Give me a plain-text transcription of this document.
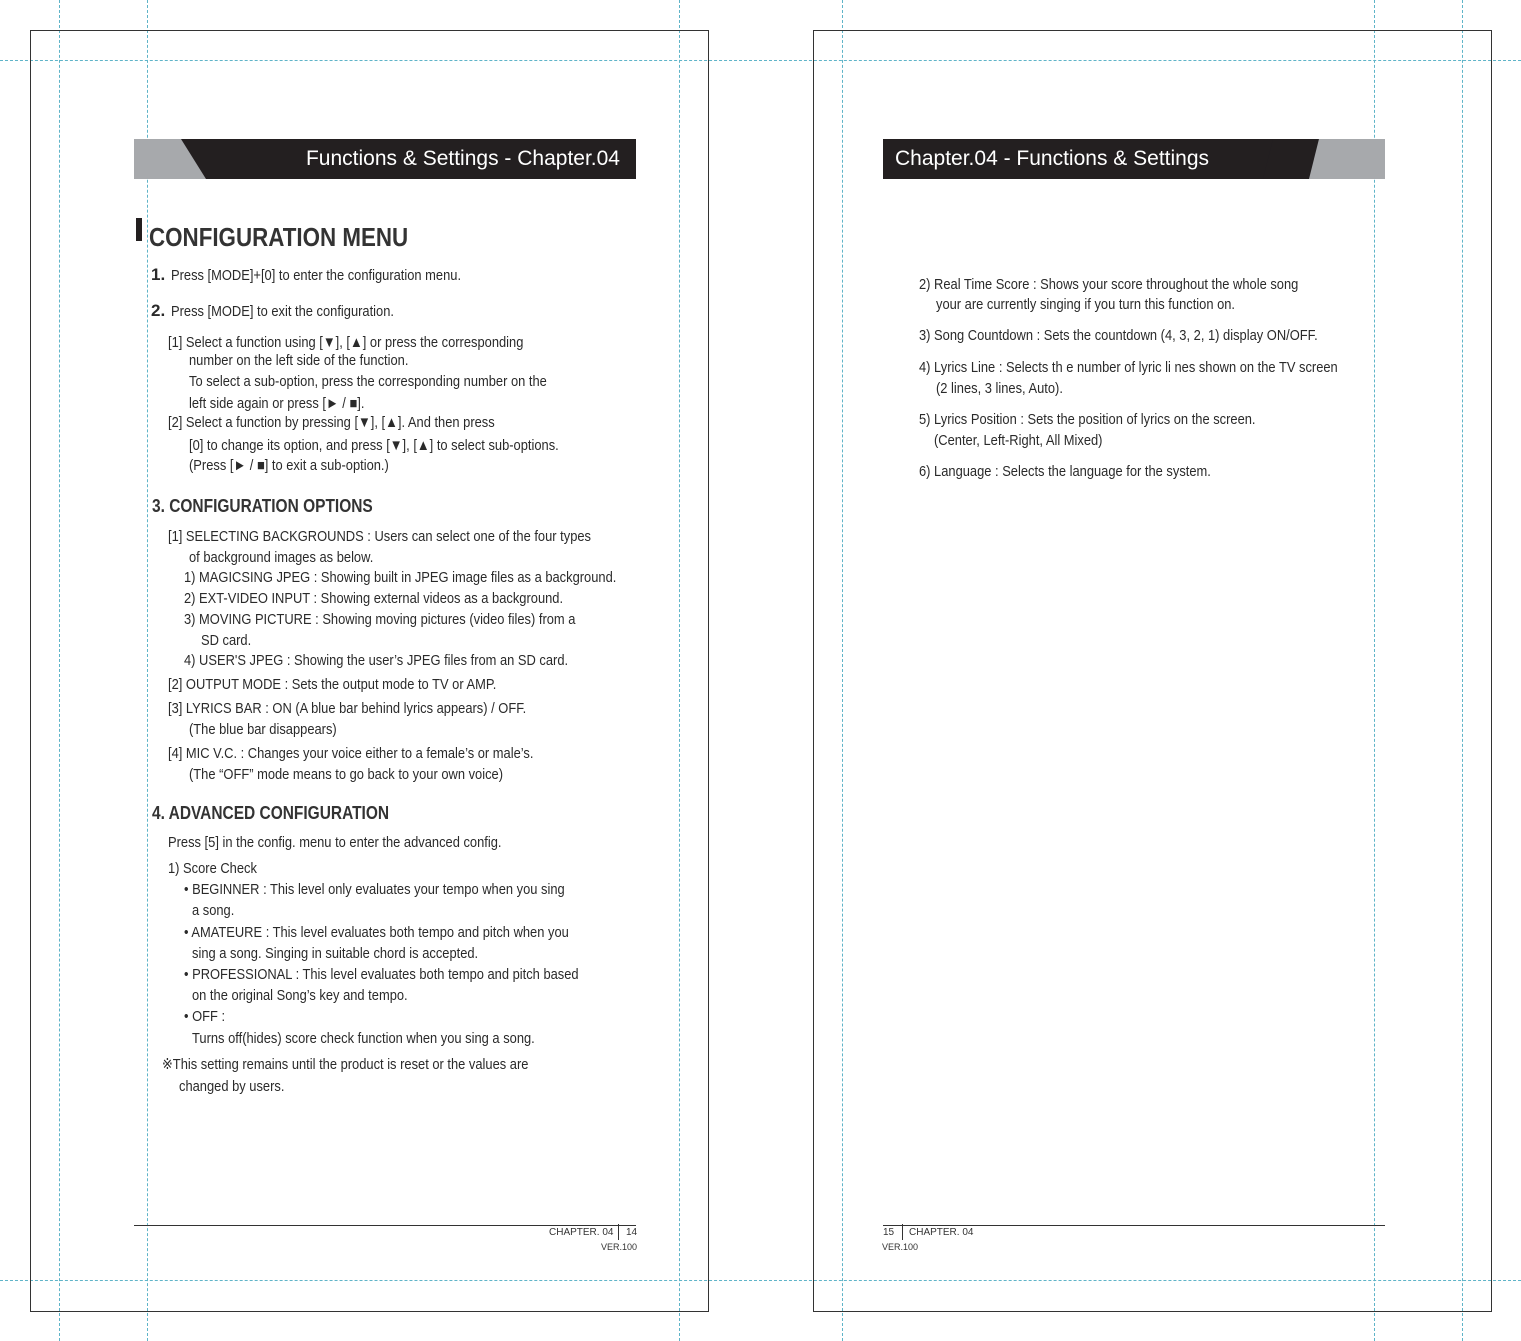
Functions & Settings - Chapter.04
CONFIGURATION MENU
1. Press [MODE]+[0] to enter the configuration menu.
2. Press [MODE] to exit the configuration.
[1] Select a function using [▼], [▲] or press the corresponding
number on the left side of the function.
To select a sub-option, press the corresponding number on the
left side again or press [► / ■].
[2] Select a function by pressing [▼], [▲]. And then press
[0] to change its option, and press [▼], [▲] to select sub-options.
(Press [► / ■] to exit a sub-option.)
3. CONFIGURATION OPTIONS
[1] SELECTING BACKGROUNDS : Users can select one of the four types
of background images as below.
1) MAGICSING JPEG : Showing built in JPEG image files as a background.
2) EXT-VIDEO INPUT : Showing external videos as a background.
3) MOVING PICTURE : Showing moving pictures (video files) from a
SD card.
4) USER'S JPEG : Showing the user’s JPEG files from an SD card.
[2] OUTPUT MODE : Sets the output mode to TV or AMP.
[3] LYRICS BAR : ON (A blue bar behind lyrics appears) / OFF.
(The blue bar disappears)
[4] MIC V.C. : Changes your voice either to a female’s or male’s.
(The “OFF” mode means to go back to your own voice)
4. ADVANCED CONFIGURATION
Press [5] in the config. menu to enter the advanced config.
1) Score Check
• BEGINNER : This level only evaluates your tempo when you sing
a song.
• AMATEURE : This level evaluates both tempo and pitch when you
sing a song. Singing in suitable chord is accepted.
• PROFESSIONAL : This level evaluates both tempo and pitch based
on the original Song’s key and tempo.
• OFF :
Turns off(hides) score check function when you sing a song.
※This setting remains until the product is reset or the values are
changed by users.
CHAPTER. 04 14
VER.100
Chapter.04 - Functions & Settings
2) Real Time Score : Shows your score throughout the whole song
your are currently singing if you turn this function on.
3) Song Countdown : Sets the countdown (4, 3, 2, 1) display ON/OFF.
4) Lyrics Line : Selects th e number of lyric li nes shown on the TV screen
(2 lines, 3 lines, Auto).
5) Lyrics Position : Sets the position of lyrics on the screen.
(Center, Left-Right, All Mixed)
6) Language : Selects the language for the system.
15 CHAPTER. 04
VER.100
